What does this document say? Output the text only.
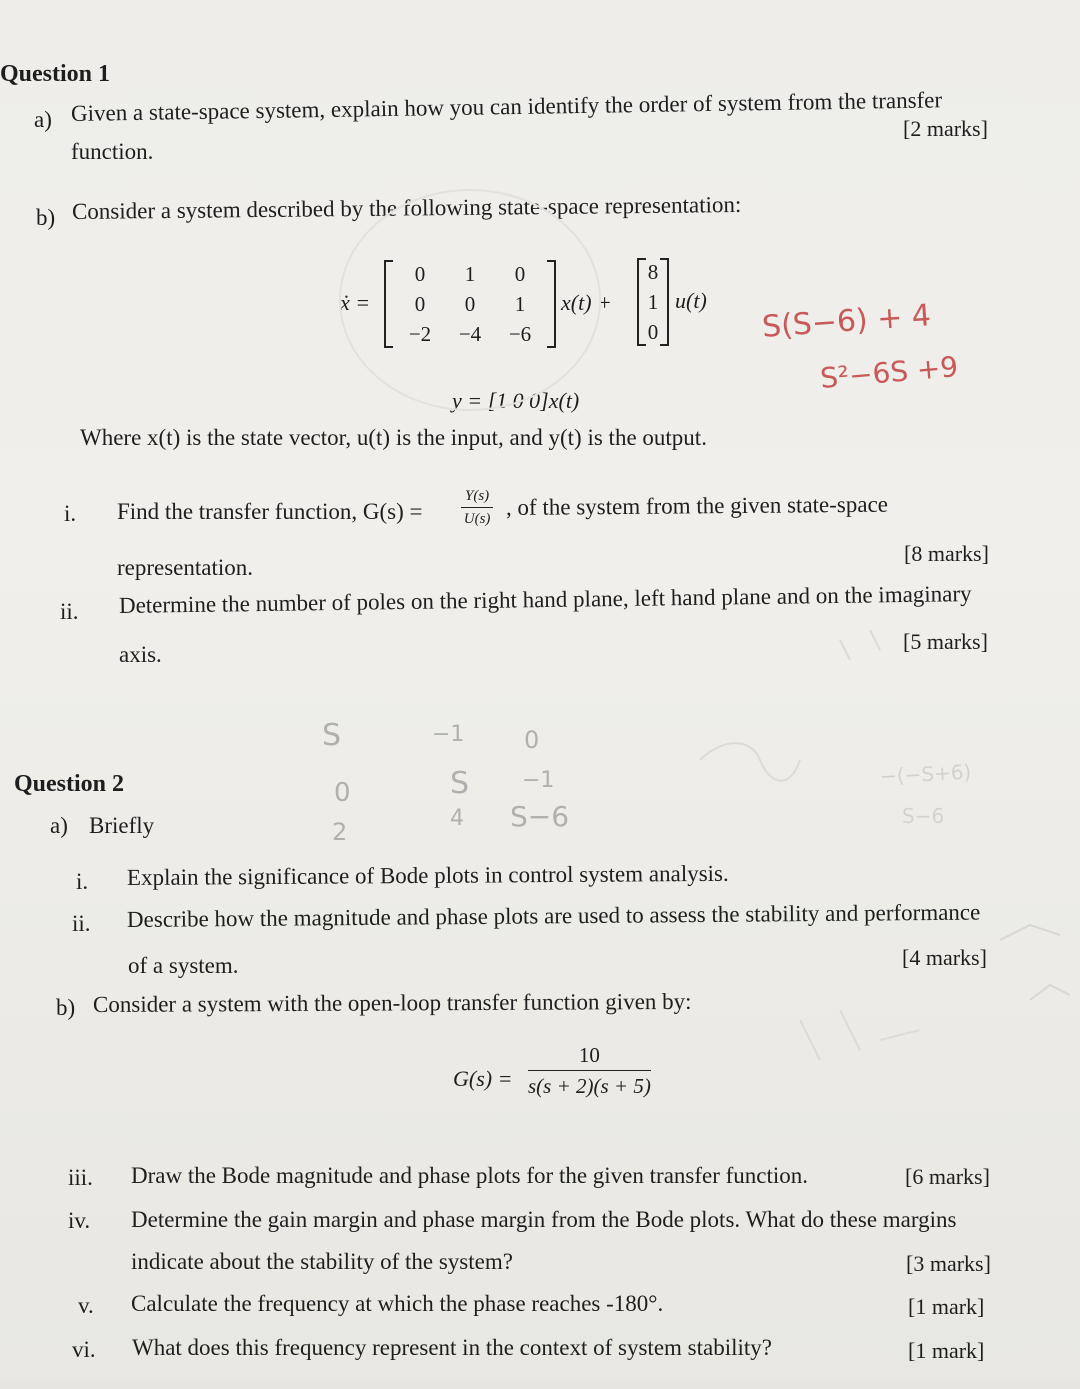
Question 1
a) Given a state-space system, explain how you can identify the order of system from the transfer
function.
[2 marks]
b) Consider a system described by the following state-space representation:
ẋ =
0	1	0
0	0	1
−2	−4	−6
x(t) +
8
1
0
u(t)
y = [1 0 0]x(t)
Where x(t) is the state vector, u(t) is the input, and y(t) is the output.
i. Find the transfer function, G(s) =	$\frac{Y(s)}{U(s)}$ , of the system from the given state-space
representation.
[8 marks]
ii. Determine the number of poles on the right hand plane, left hand plane and on the imaginary
axis.
[5 marks]
Question 2
a) Briefly
i. Explain the significance of Bode plots in control system analysis.
ii. Describe how the magnitude and phase plots are used to assess the stability and performance
of a system.	[4 marks]
b) Consider a system with the open-loop transfer function given by:
$G(s) = \frac{10}{s(s + 2)(s + 5)}$
iii. Draw the Bode magnitude and phase plots for the given transfer function.	[6 marks]
iv. Determine the gain margin and phase margin from the Bode plots. What do these margins
indicate about the stability of the system?	[3 marks]
v. Calculate the frequency at which the phase reaches -180°.	[1 mark]
vi. What does this frequency represent in the context of system stability?	[1 mark]
S(S−6) + 4
S²−6S +9
S	−1 0
0	S −1
2	4 S−6
−(−S+6)
S−6
